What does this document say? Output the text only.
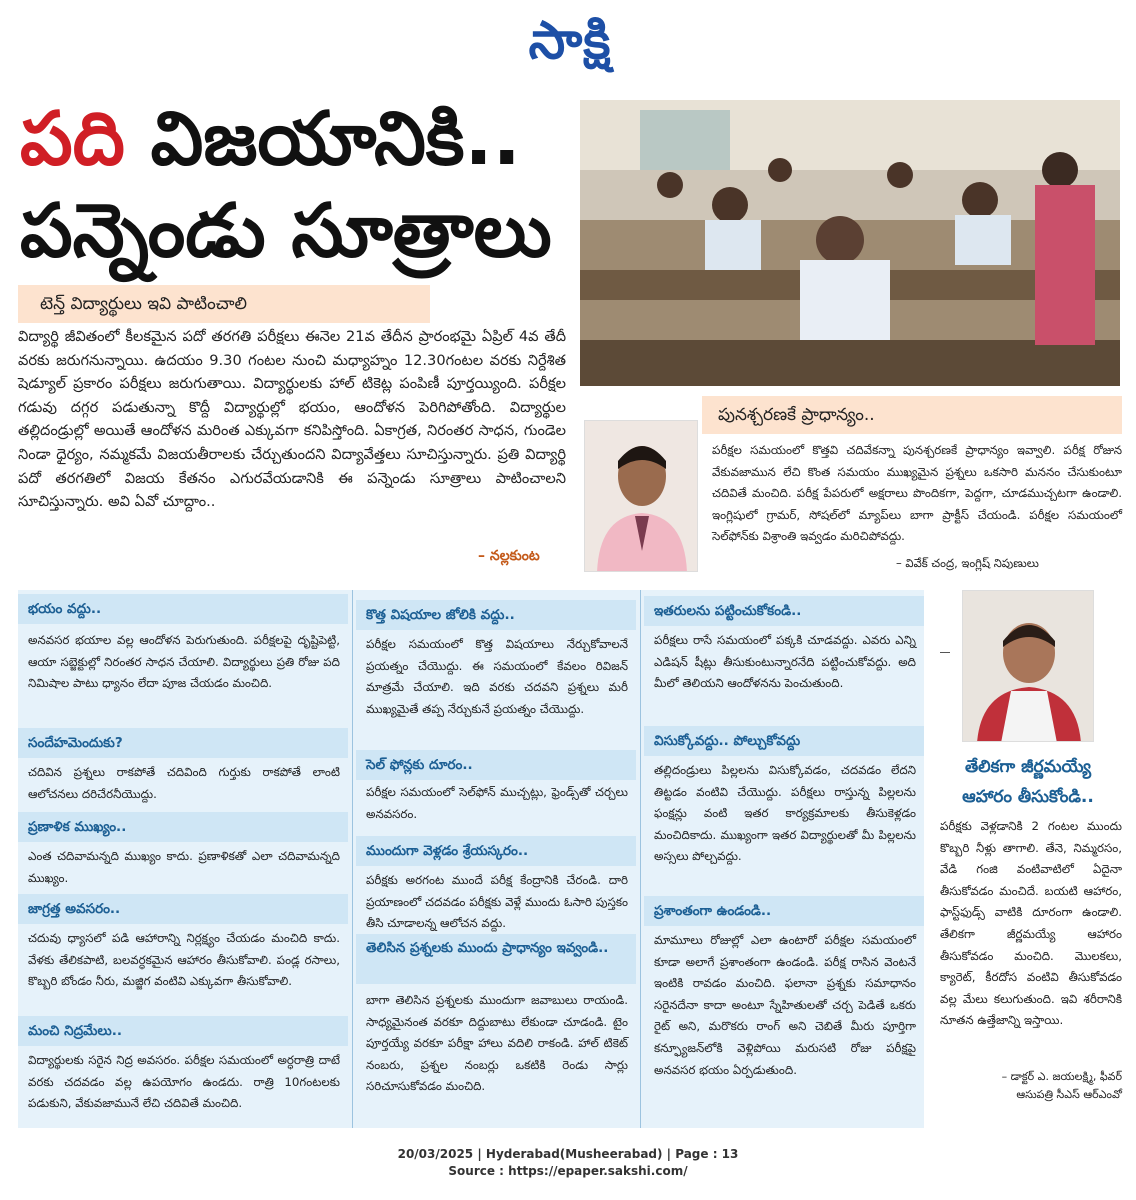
సాక్షి
పది విజయానికి..
పన్నెండు సూత్రాలు
టెన్త్‌ విద్యార్థులు ఇవి పాటించాలి
విద్యార్థి జీవితంలో కీలకమైన పదో తరగతి పరీక్షలు ఈనెల 21వ తేదీన ప్రారంభమై ఏప్రిల్‌ 4వ తేదీ వరకు జరుగనున్నాయి. ఉదయం 9.30 గంటల నుంచి మధ్యాహ్నం 12.30గంటల వరకు నిర్దేశిత షెడ్యూల్‌ ప్రకారం పరీక్షలు జరుగుతాయి. విద్యార్థులకు హాల్‌ టికెట్ల పంపిణీ పూర్తయ్యింది. పరీక్షల గడువు దగ్గర పడుతున్నా కొద్దీ విద్యార్థుల్లో భయం, ఆందోళన పెరిగిపోతోంది. విద్యార్థుల తల్లిదండ్రుల్లో అయితే ఆందోళన మరింత ఎక్కువగా కనిపిస్తోంది. ఏకాగ్రత, నిరంతర సాధన, గుండెల నిండా ధైర్యం, నమ్మకమే విజయతీరాలకు చేర్చుతుందని విద్యావేత్తలు సూచిస్తున్నారు. ప్రతి విద్యార్థి పదో తరగతిలో విజయ కేతనం ఎగురవేయడానికి ఈ పన్నెండు సూత్రాలు పాటించాలని సూచిస్తున్నారు. అవి ఏవో చూద్దాం..
– నల్లకుంట
పునశ్చరణకే ప్రాధాన్యం..
పరీక్షల సమయంలో కొత్తవి చదివేకన్నా పునశ్చరణకే ప్రాధాన్యం ఇవ్వాలి. పరీక్ష రోజున వేకువజామున లేచి కొంత సమయం ముఖ్యమైన ప్రశ్నలు ఒకసారి మననం చేసుకుంటూ చదివితే మంచిది. పరీక్ష పేపరులో అక్షరాలు పొందికగా, పెద్దగా, చూడముచ్చటగా ఉండాలి. ఇంగ్లిషులో గ్రామర్‌, సోషల్‌లో మ్యాప్‌లు బాగా ప్రాక్టీస్‌ చేయండి. పరీక్షల సమయంలో సెల్‌ఫోన్‌కు విశ్రాంతి ఇవ్వడం మరిచిపోవద్దు.
– వివేక్‌ చంద్ర, ఇంగ్లిష్‌ నిపుణులు
భయం వద్దు..
అనవసర భయాల వల్ల ఆందోళన పెరుగుతుంది. పరీక్షలపై దృష్టిపెట్టి, ఆయా సబ్జెక్టుల్లో నిరంతర సాధన చేయాలి. విద్యార్థులు ప్రతి రోజు పది నిమిషాల పాటు ధ్యానం లేదా పూజ చేయడం మంచిది.
సందేహమెందుకు?
చదివిన ప్రశ్నలు రాకపోతే చదివింది గుర్తుకు రాకపోతే లాంటి ఆలోచనలు దరిచేరనీయొద్దు.
ప్రణాళిక ముఖ్యం..
ఎంత చదివామన్నది ముఖ్యం కాదు. ప్రణాళికతో ఎలా చదివామన్నది ముఖ్యం.
జాగ్రత్త అవసరం..
చదువు ధ్యాసలో పడి ఆహారాన్ని నిర్లక్ష్యం చేయడం మంచిది కాదు. వేళకు తేలికపాటి, బలవర్ధకమైన ఆహారం తీసుకోవాలి. పండ్ల రసాలు, కొబ్బరి బోండం నీరు, మజ్జిగ వంటివి ఎక్కువగా తీసుకోవాలి.
మంచి నిద్రమేలు..
విద్యార్థులకు సరైన నిద్ర అవసరం. పరీక్షల సమయంలో అర్ధరాత్రి దాటే వరకు చదవడం వల్ల ఉపయోగం ఉండదు. రాత్రి 10గంటలకు పడుకుని, వేకువజామునే లేచి చదివితే మంచిది.
కొత్త విషయాల జోలికి వద్దు..
పరీక్షల సమయంలో కొత్త విషయాలు నేర్చుకోవాలనే ప్రయత్నం చేయొద్దు. ఈ సమయంలో కేవలం రివిజన్‌ మాత్రమే చేయాలి. ఇది వరకు చదవని ప్రశ్నలు మరీ ముఖ్యమైతే తప్ప నేర్చుకునే ప్రయత్నం చేయొద్దు.
సెల్‌ ఫోన్లకు దూరం..
పరీక్షల సమయంలో సెల్‌ఫోన్‌ ముచ్చట్లు, ఫ్రెండ్స్‌తో చర్చలు అనవసరం.
ముందుగా వెళ్లడం శ్రేయస్కరం..
పరీక్షకు అరగంట ముందే పరీక్ష కేంద్రానికి చేరండి. దారి ప్రయాణంలో చదవడం పరీక్షకు వెళ్లే ముందు ఓసారి పుస్తకం తీసి చూడాలన్న ఆలోచన వద్దు.
తెలిసిన ప్రశ్నలకు ముందు ప్రాధాన్యం ఇవ్వండి..
బాగా తెలిసిన ప్రశ్నలకు ముందుగా జవాబులు రాయండి. సాధ్యమైనంత వరకూ దిద్దుబాటు లేకుండా చూడండి. టైం పూర్తయ్యే వరకూ పరీక్షా హాలు వదిలి రాకండి. హాల్‌ టికెట్‌ నంబరు, ప్రశ్నల నంబర్లు ఒకటికి రెండు సార్లు సరిచూసుకోవడం మంచిది.
ఇతరులను పట్టించుకోకండి..
పరీక్షలు రాసే సమయంలో పక్కకి చూడవద్దు. ఎవరు ఎన్ని ఎడిషన్‌ షీట్లు తీసుకుంటున్నారనేది పట్టించుకోవద్దు. అది మీలో తెలియని ఆందోళనను పెంచుతుంది.
విసుక్కోవద్దు.. పోల్చుకోవద్దు
తల్లిదండ్రులు పిల్లలను విసుక్కోవడం, చదవడం లేదని తిట్టడం వంటివి చేయొద్దు. పరీక్షలు రాస్తున్న పిల్లలను ఫంక్షన్లు వంటి ఇతర కార్యక్రమాలకు తీసుకెళ్లడం మంచిదికాదు. ముఖ్యంగా ఇతర విద్యార్థులతో మీ పిల్లలను అస్సలు పోల్చవద్దు.
ప్రశాంతంగా ఉండండి..
మామూలు రోజుల్లో ఎలా ఉంటారో పరీక్షల సమయంలో కూడా అలాగే ప్రశాంతంగా ఉండండి. పరీక్ష రాసిన వెంటనే ఇంటికి రావడం మంచిది. ఫలానా ప్రశ్నకు సమాధానం సరైనదేనా కాదా అంటూ స్నేహితులతో చర్చ పెడితే ఒకరు రైట్‌ అని, మరొకరు రాంగ్‌ అని చెబితే మీరు పూర్తిగా కన్ఫ్యూజన్‌లోకి వెళ్లిపోయి మరుసటి రోజు పరీక్షపై అనవసర భయం ఏర్పడుతుంది.
తేలికగా జీర్ణమయ్యే
ఆహారం తీసుకోండి..
పరీక్షకు వెళ్లడానికి 2 గంటల ముందు కొబ్బరి నీళ్లు తాగాలి. తేనె, నిమ్మరసం, వేడి గంజి వంటివాటిలో ఏదైనా తీసుకోవడం మంచిదే. బయటి ఆహారం, ఫాస్ట్‌ఫుడ్స్‌ వాటికి దూరంగా ఉండాలి. తేలికగా జీర్ణమయ్యే ఆహారం తీసుకోవడం మంచిది. మొలకలు, క్యారెట్‌, కీరదోస వంటివి తీసుకోవడం వల్ల మేలు కలుగుతుంది. ఇవి శరీరానికి నూతన ఉత్తేజాన్ని ఇస్తాయి.
– డాక్టర్‌ ఎ. జయలక్ష్మి, ఫీవర్‌
ఆసుపత్రి సీఎస్‌ ఆర్‌ఎంవో
20/03/2025 | Hyderabad(Musheerabad) | Page : 13
Source : https://epaper.sakshi.com/
